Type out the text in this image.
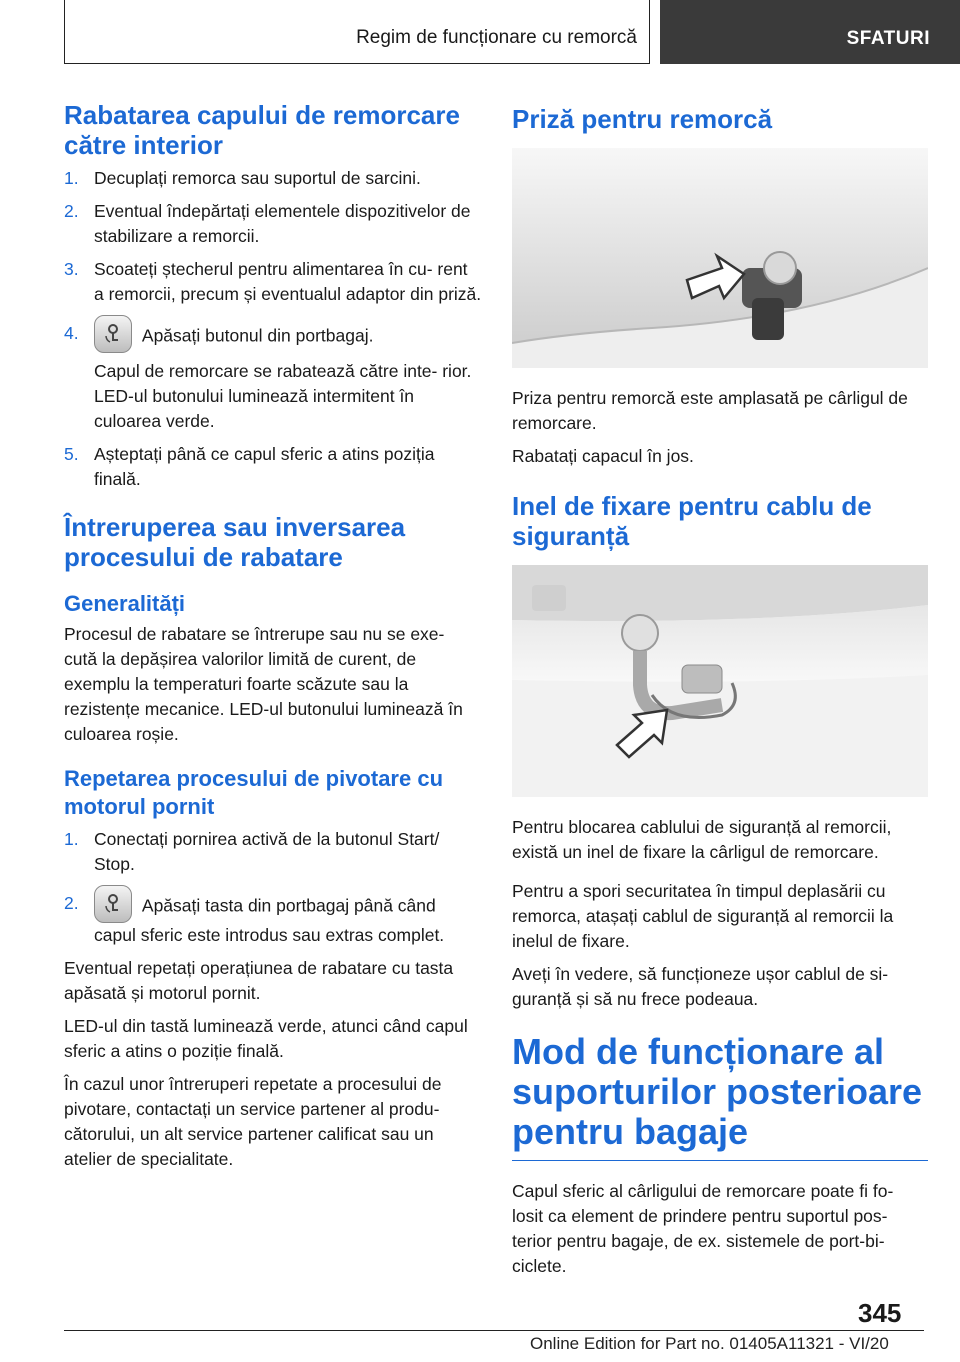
Regim de funcționare cu remorcă	SFATURI
Rabatarea capului de remorcare către interior
1. Decuplați remorca sau suportul de sarcini.
2. Eventual îndepărtați elementele dispozitivelor de stabilizare a remorcii.
3. Scoateți ștecherul pentru alimentarea în cu- rent a remorcii, precum și eventualul adaptor din priză.
4.	Apăsați butonul din portbagaj.
Capul de remorcare se rabatează către inte- rior. LED-ul butonului luminează intermitent în culoarea verde.
5. Așteptați până ce capul sferic a atins poziția finală.
Întreruperea sau inversarea procesului de rabatare
Generalități
Procesul de rabatare se întrerupe sau nu se exe- cută la depășirea valorilor limită de curent, de exemplu la temperaturi foarte scăzute sau la rezistențe mecanice. LED-ul butonului luminează în culoarea roșie.
Repetarea procesului de pivotare cu motorul pornit
1. Conectați pornirea activă de la butonul Start/ Stop.
2.	Apăsați tasta din portbagaj până când capul sferic este introdus sau extras complet.
Eventual repetați operațiunea de rabatare cu tasta apăsată și motorul pornit.
LED-ul din tastă luminează verde, atunci când capul sferic a atins o poziție finală.
În cazul unor întreruperi repetate a procesului de pivotare, contactați un service partener al produ- cătorului, un alt service partener calificat sau un atelier de specialitate.
Priză pentru remorcă
Priza pentru remorcă este amplasată pe cârligul de remorcare.
Rabatați capacul în jos.
Inel de fixare pentru cablu de siguranță
Pentru blocarea cablului de siguranță al remorcii, există un inel de fixare la cârligul de remorcare.
Pentru a spori securitatea în timpul deplasării cu remorca, atașați cablul de siguranță al remorcii la inelul de fixare.
Aveți în vedere, să funcționeze ușor cablul de si- guranță și să nu frece podeaua.
Mod de funcționare al suporturilor posterioare pentru bagaje
Capul sferic al cârligului de remorcare poate fi fo- losit ca element de prindere pentru suportul pos- terior pentru bagaje, de ex. sistemele de port-bi- ciclete.
345
Online Edition for Part no. 01405A11321 - VI/20
